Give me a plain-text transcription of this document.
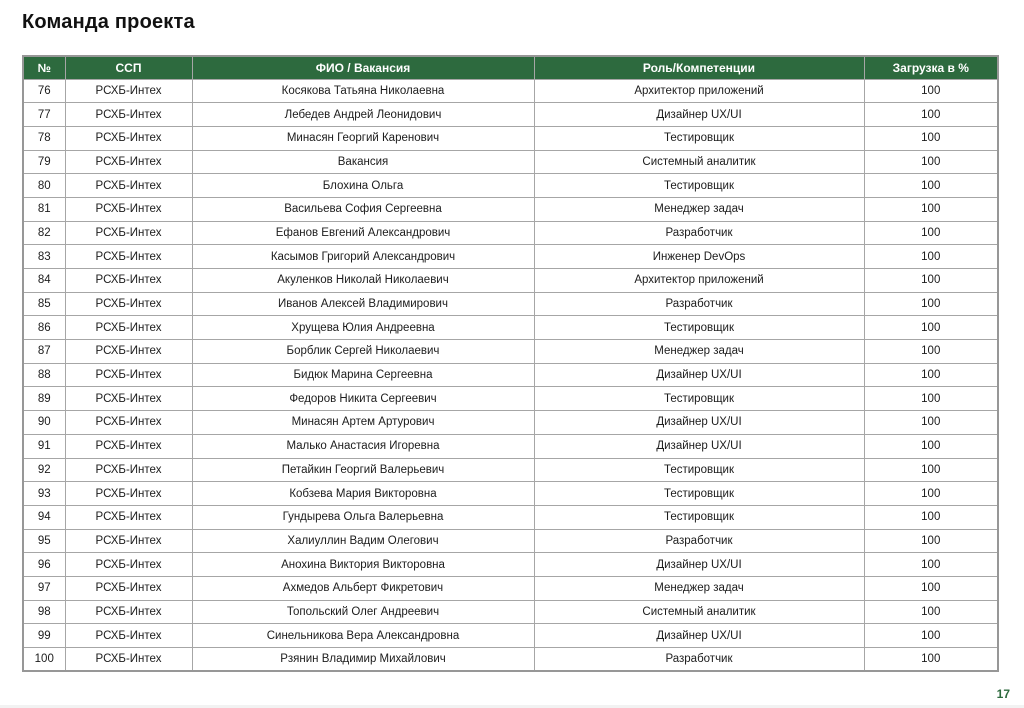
Команда проекта
№	ССП	ФИО / Вакансия	Роль/Компетенции	Загрузка в %
76	РСХБ-Интех	Косякова Татьяна Николаевна	Архитектор приложений	100
77	РСХБ-Интех	Лебедев Андрей Леонидович	Дизайнер UX/UI	100
78	РСХБ-Интех	Минасян Георгий Каренович	Тестировщик	100
79	РСХБ-Интех	Вакансия	Системный аналитик	100
80	РСХБ-Интех	Блохина Ольга	Тестировщик	100
81	РСХБ-Интех	Васильева София Сергеевна	Менеджер задач	100
82	РСХБ-Интех	Ефанов Евгений Александрович	Разработчик	100
83	РСХБ-Интех	Касымов Григорий Александрович	Инженер DevOps	100
84	РСХБ-Интех	Акуленков Николай Николаевич	Архитектор приложений	100
85	РСХБ-Интех	Иванов Алексей Владимирович	Разработчик	100
86	РСХБ-Интех	Хрущева Юлия Андреевна	Тестировщик	100
87	РСХБ-Интех	Борблик Сергей Николаевич	Менеджер задач	100
88	РСХБ-Интех	Бидюк Марина Сергеевна	Дизайнер UX/UI	100
89	РСХБ-Интех	Федоров Никита Сергеевич	Тестировщик	100
90	РСХБ-Интех	Минасян Артем Артурович	Дизайнер UX/UI	100
91	РСХБ-Интех	Малько Анастасия Игоревна	Дизайнер UX/UI	100
92	РСХБ-Интех	Петайкин Георгий Валерьевич	Тестировщик	100
93	РСХБ-Интех	Кобзева Мария Викторовна	Тестировщик	100
94	РСХБ-Интех	Гундырева Ольга Валерьевна	Тестировщик	100
95	РСХБ-Интех	Халиуллин Вадим Олегович	Разработчик	100
96	РСХБ-Интех	Анохина Виктория Викторовна	Дизайнер UX/UI	100
97	РСХБ-Интех	Ахмедов Альберт Фикретович	Менеджер задач	100
98	РСХБ-Интех	Топольский Олег Андреевич	Системный аналитик	100
99	РСХБ-Интех	Синельникова Вера Александровна	Дизайнер UX/UI	100
100	РСХБ-Интех	Рзянин Владимир Михайлович	Разработчик	100
17
